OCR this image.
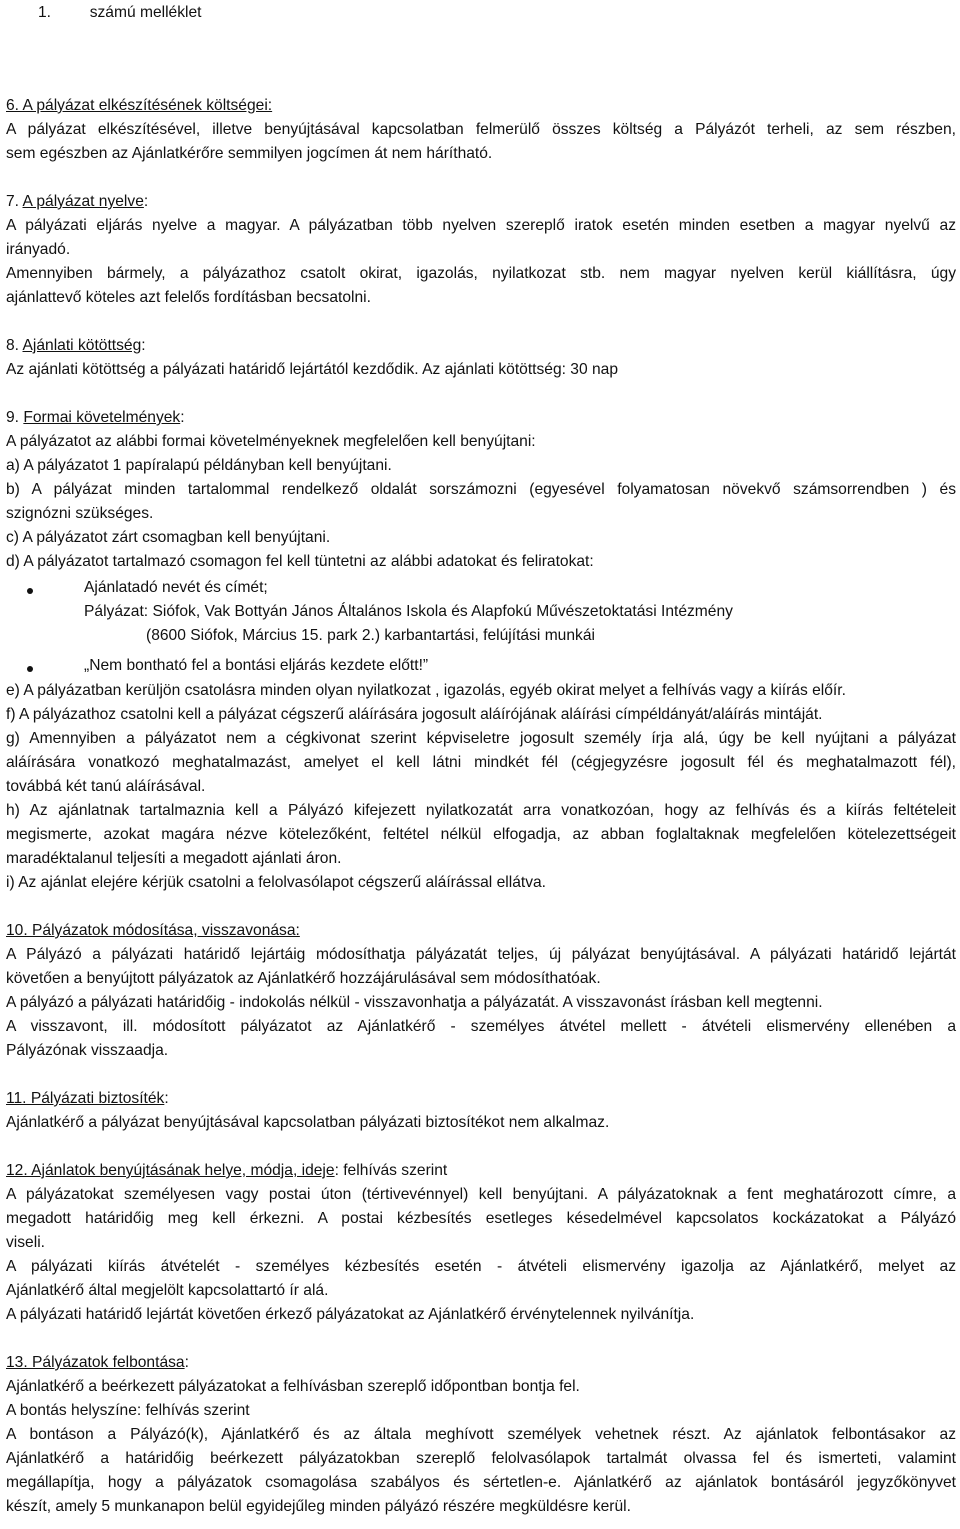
1. számú melléklet
6. A pályázat elkészítésének költségei:
A pályázat elkészítésével, illetve benyújtásával kapcsolatban felmerülő összes költség a Pályázót terheli, az sem részben,
sem egészben az Ajánlatkérőre semmilyen jogcímen át nem hárítható.
7. A pályázat nyelve:
A pályázati eljárás nyelve a magyar. A pályázatban több nyelven szereplő iratok esetén minden esetben a magyar nyelvű az
irányadó.
Amennyiben bármely, a pályázathoz csatolt okirat, igazolás, nyilatkozat stb. nem magyar nyelven kerül kiállításra, úgy
ajánlattevő köteles azt felelős fordításban becsatolni.
8. Ajánlati kötöttség:
Az ajánlati kötöttség a pályázati határidő lejártától kezdődik. Az ajánlati kötöttség: 30 nap
9. Formai követelmények:
A pályázatot az alábbi formai követelményeknek megfelelően kell benyújtani:
a) A pályázatot 1 papíralapú példányban kell benyújtani.
b) A pályázat minden tartalommal rendelkező oldalát sorszámozni (egyesével folyamatosan növekvő számsorrendben ) és
szignózni szükséges.
c) A pályázatot zárt csomagban kell benyújtani.
d) A pályázatot tartalmazó csomagon fel kell tüntetni az alábbi adatokat és feliratokat:
Ajánlatadó nevét és címét;
Pályázat: Siófok, Vak Bottyán János Általános Iskola és Alapfokú Művészetoktatási Intézmény
(8600 Siófok, Március 15. park 2.) karbantartási, felújítási munkái
„Nem bontható fel a bontási eljárás kezdete előtt!”
e) A pályázatban kerüljön csatolásra minden olyan nyilatkozat , igazolás, egyéb okirat melyet a felhívás vagy a kiírás előír.
f) A pályázathoz csatolni kell a pályázat cégszerű aláírására jogosult aláírójának aláírási címpéldányát/aláírás mintáját.
g) Amennyiben a pályázatot nem a cégkivonat szerint képviseletre jogosult személy írja alá, úgy be kell nyújtani a pályázat
aláírására vonatkozó meghatalmazást, amelyet el kell látni mindkét fél (cégjegyzésre jogosult fél és meghatalmazott fél),
továbbá két tanú aláírásával.
h) Az ajánlatnak tartalmaznia kell a Pályázó kifejezett nyilatkozatát arra vonatkozóan, hogy az felhívás és a kiírás feltételeit
megismerte, azokat magára nézve kötelezőként, feltétel nélkül elfogadja, az abban foglaltaknak megfelelően kötelezettségeit
maradéktalanul teljesíti a megadott ajánlati áron.
i) Az ajánlat elejére kérjük csatolni a felolvasólapot cégszerű aláírással ellátva.
10. Pályázatok módosítása, visszavonása:
A Pályázó a pályázati határidő lejártáig módosíthatja pályázatát teljes, új pályázat benyújtásával. A pályázati határidő lejártát
követően a benyújtott pályázatok az Ajánlatkérő hozzájárulásával sem módosíthatóak.
A pályázó a pályázati határidőig - indokolás nélkül - visszavonhatja a pályázatát. A visszavonást írásban kell megtenni.
A visszavont, ill. módosított pályázatot az Ajánlatkérő - személyes átvétel mellett - átvételi elismervény ellenében a
Pályázónak visszaadja.
11. Pályázati biztosíték:
Ajánlatkérő a pályázat benyújtásával kapcsolatban pályázati biztosítékot nem alkalmaz.
12. Ajánlatok benyújtásának helye, módja, ideje: felhívás szerint
A pályázatokat személyesen vagy postai úton (tértivevénnyel) kell benyújtani. A pályázatoknak a fent meghatározott címre, a
megadott határidőig meg kell érkezni. A postai kézbesítés esetleges késedelmével kapcsolatos kockázatokat a Pályázó
viseli.
A pályázati kiírás átvételét - személyes kézbesítés esetén - átvételi elismervény igazolja az Ajánlatkérő, melyet az
Ajánlatkérő által megjelölt kapcsolattartó ír alá.
A pályázati határidő lejártát követően érkező pályázatokat az Ajánlatkérő érvénytelennek nyilvánítja.
13. Pályázatok felbontása:
Ajánlatkérő a beérkezett pályázatokat a felhívásban szereplő időpontban bontja fel.
A bontás helyszíne: felhívás szerint
A bontáson a Pályázó(k), Ajánlatkérő és az általa meghívott személyek vehetnek részt. Az ajánlatok felbontásakor az
Ajánlatkérő a határidőig beérkezett pályázatokban szereplő felolvasólapok tartalmát olvassa fel és ismerteti, valamint
megállapítja, hogy a pályázatok csomagolása szabályos és sértetlen-e. Ajánlatkérő az ajánlatok bontásáról jegyzőkönyvet
készít, amely 5 munkanapon belül egyidejűleg minden pályázó részére megküldésre kerül.
